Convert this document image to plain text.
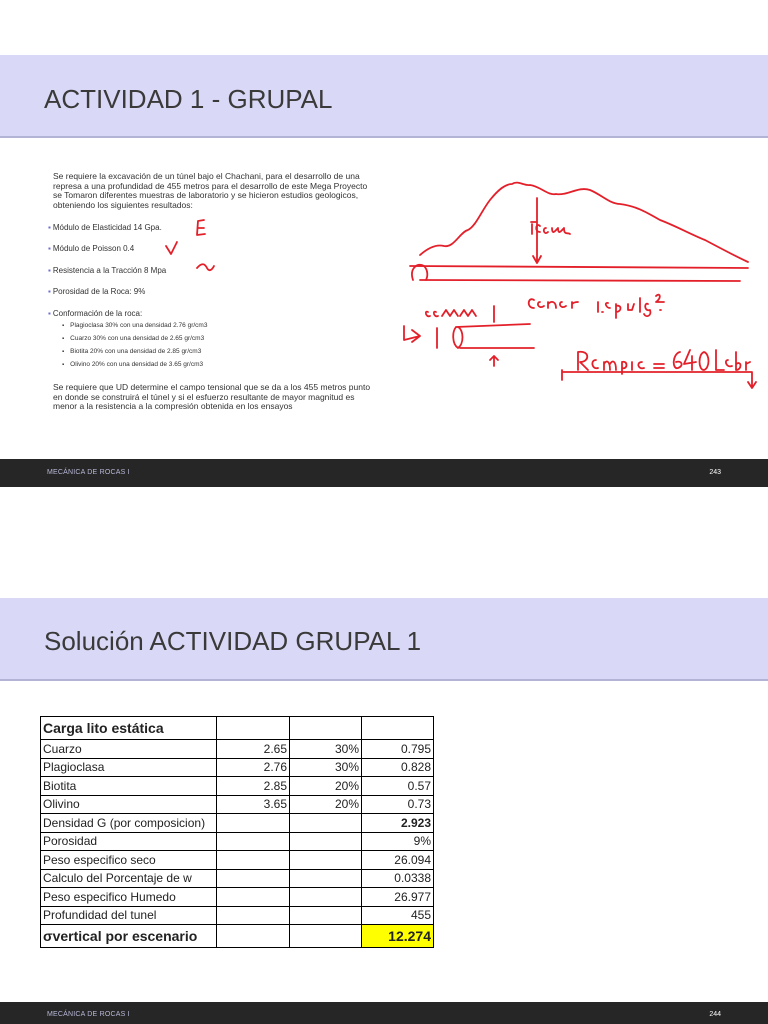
ACTIVIDAD 1 - GRUPAL
Se requiere la excavación de un túnel bajo el Chachani, para el desarrollo de una represa a una profundidad de 455 metros para el desarrollo de este Mega Proyecto se Tomaron diferentes muestras de laboratorio y se hicieron estudios geologicos, obteniendo los siguientes resultados:
▪ Módulo de Elasticidad 14 Gpa.
▪ Módulo de Poisson 0.4
▪ Resistencia a la Tracción 8 Mpa
▪ Porosidad de la Roca: 9%
▪ Conformación de la roca:
▪ Plagioclasa 30% con una densidad 2.76 gr/cm3
▪ Cuarzo 30% con una densidad de 2.65 gr/cm3
▪ Biotita 20% con una densidad de 2.85 gr/cm3
▪ Olivino 20% con una densidad de 3.65 gr/cm3
Se requiere que UD determine el campo tensional que se da a los 455 metros punto en donde se construirá el túnel y si el esfuerzo resultante de mayor magnitud es menor a la resistencia a la compresión obtenida en los ensayos
MECÁNICA DE ROCAS I	243
Solución ACTIVIDAD GRUPAL 1
Carga lito estática			
Cuarzo	2.65	30%	0.795
Plagioclasa	2.76	30%	0.828
Biotita	2.85	20%	0.57
Olivino	3.65	20%	0.73
Densidad G (por composicion)			2.923
Porosidad			9%
Peso especifico seco			26.094
Calculo del Porcentaje de w			0.0338
Peso especifico Humedo			26.977
Profundidad del tunel			455
σvertical por escenario			12.274
MECÁNICA DE ROCAS I	244
